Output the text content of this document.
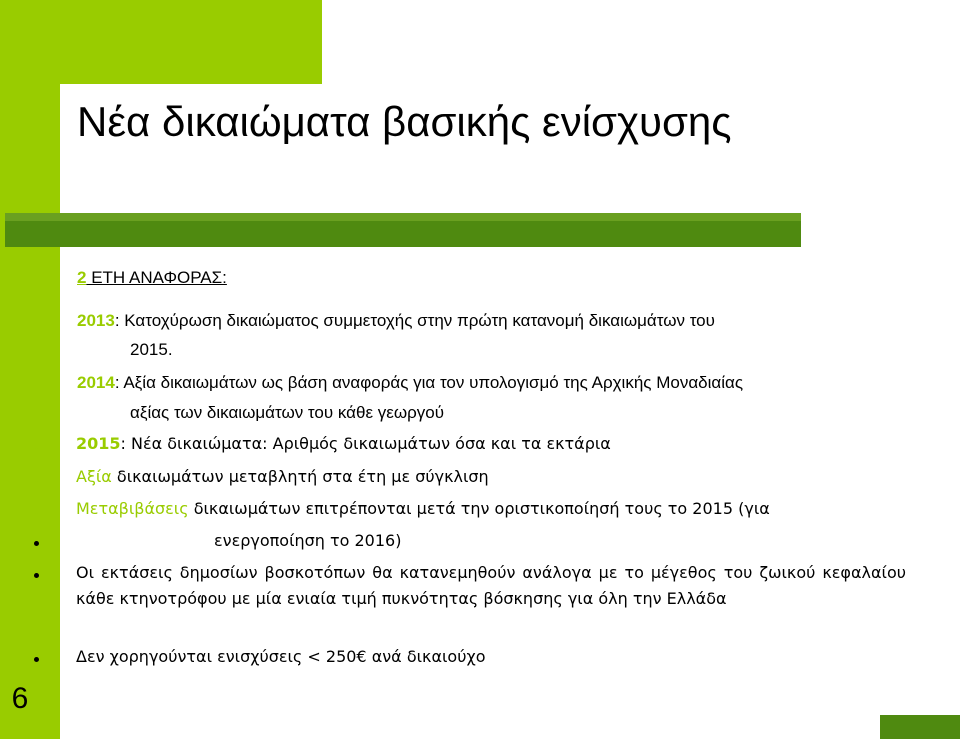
Νέα δικαιώματα βασικής ενίσχυσης
2 ΕΤΗ ΑΝΑΦΟΡΑΣ:
2013: Κατοχύρωση δικαιώματος συμμετοχής στην πρώτη κατανομή δικαιωμάτων του
2015.
2014: Αξία δικαιωμάτων ως βάση αναφοράς για τον υπολογισμό της Αρχικής Μοναδιαίας
αξίας των δικαιωμάτων του κάθε γεωργού
2015: Νέα δικαιώματα: Αριθμός δικαιωμάτων όσα και τα εκτάρια
Αξία δικαιωμάτων μεταβλητή στα έτη με σύγκλιση
Μεταβιβάσεις δικαιωμάτων επιτρέπονται μετά την οριστικοποίησή τους το 2015 (για
ενεργοποίηση το 2016)
Οι εκτάσεις δημοσίων βοσκοτόπων θα κατανεμηθούν ανάλογα με το μέγεθος του ζωικού κεφαλαίου κάθε κτηνοτρόφου με μία ενιαία τιμή πυκνότητας βόσκησης για όλη την Ελλάδα
Δεν χορηγούνται ενισχύσεις < 250€ ανά δικαιούχο
6
